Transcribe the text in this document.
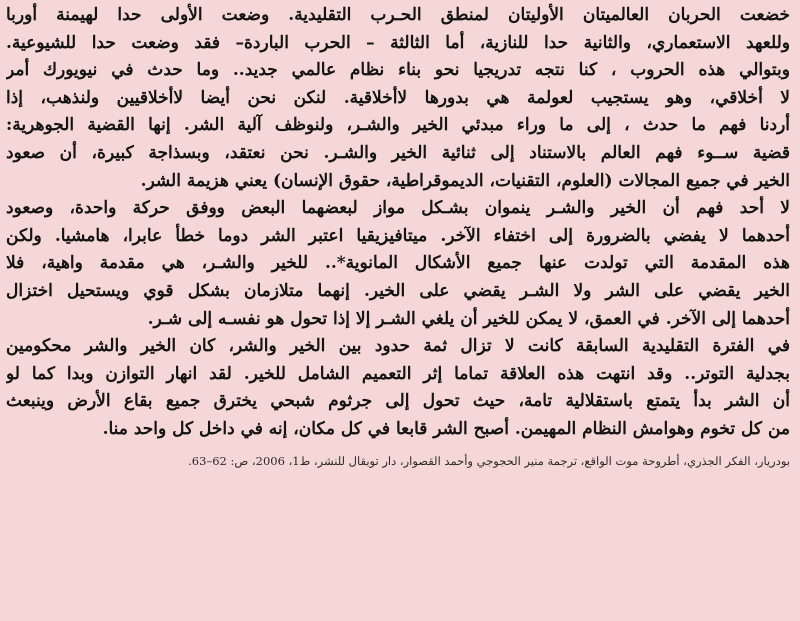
خضعت الحربان العالميتان الأوليتان لمنطق الحـرب التقليدية. وضعت الأولى حدا لهيمنة أوربا
وللعهد الاستعماري، والثانية حدا للنازية، أما الثالثة – الحرب الباردة– فقد وضعت حدا للشيوعية.
وبتوالي هذه الحروب ، كنا نتجه تدريجيا نحو بناء نظام عالمي جديد.. وما حدث في نيويورك أمر
لا أخلاقي، وهو يستجيب لعولمة هي بدورها لاأخلاقية. لنكن نحن أيضا لاأخلاقيين ولنذهب، إذا
أردنا فهم ما حدث ، إلى ما وراء مبدئي الخير والشـر، ولنوظف آلية الشر. إنها القضية الجوهرية:
قضية ســوء فهم العالم بالاستناد إلى ثنائية الخير والشـر. نحن نعتقد، وبسذاجة كبيرة، أن صعود
الخير في جميع المجالات (العلوم، التقنيات، الديموقراطية، حقوق الإنسان) يعني هزيمة الشر.
لا أحد فهم أن الخير والشـر ينموان بشـكل مواز لبعضهما البعض ووفق حركة واحدة، وصعود
أحدهما لا يفضي بالضرورة إلى اختفاء الآخر. ميتافيزيقيا اعتبر الشر دوما خطأ عابرا، هامشيا. ولكن
هذه المقدمة التي تولدت عنها جميع الأشكال المانوية*.. للخير والشـر، هي مقدمة واهية، فلا
الخير يقضي على الشر ولا الشـر يقضي على الخير. إنهما متلازمان بشكل قوي ويستحيل اختزال
أحدهما إلى الآخر. في العمق، لا يمكن للخير أن يلغي الشـر إلا إذا تحول هو نفسـه إلى شـر.
في الفترة التقليدية السابقة كانت لا تزال ثمة حدود بين الخير والشر، كان الخير والشر محكومين
بجدلية التوتر.. وقد انتهت هذه العلاقة تماما إثر التعميم الشامل للخير. لقد انهار التوازن وبدا كما لو
أن الشر بدأ يتمتع باستقلالية تامة، حيث تحول إلى جرثوم شبحي يخترق جميع بقاع الأرض وينبعث
من كل تخوم وهوامش النظام المهيمن. أصبح الشر قابعا في كل مكان، إنه في داخل كل واحد منا.
بودريار، الفكر الجذري، أطروحة موت الواقع، ترجمة منير الحجوجي وأحمد القصوار، دار توبقال للنشر، ط1، 2006، ص: 62–63.
